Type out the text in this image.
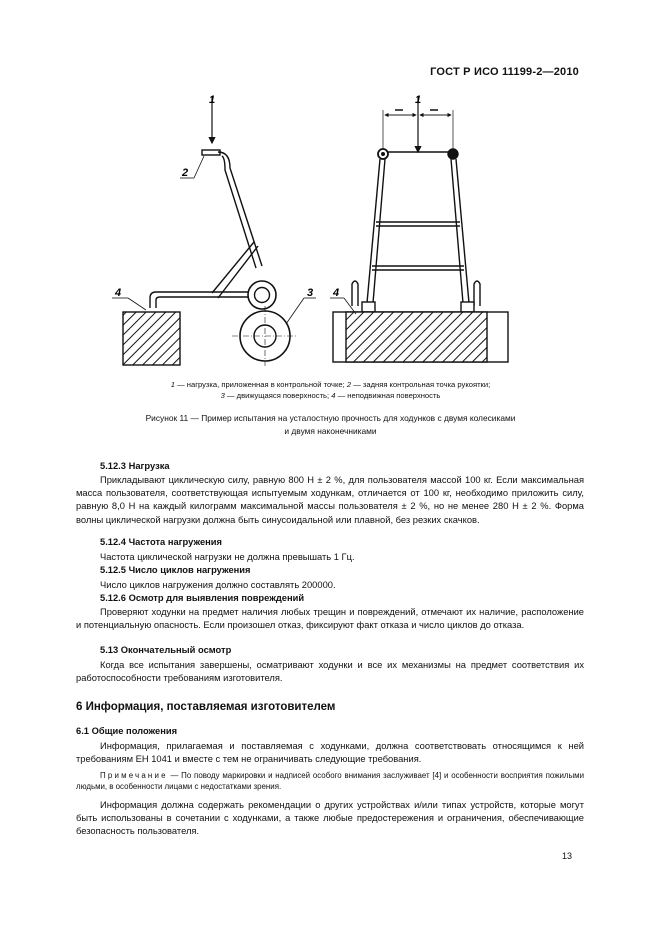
ГОСТ Р ИСО 11199-2—2010
1
2
4	3
1
4
1 — нагрузка, приложенная в контрольной точке; 2 — задняя контрольная точка рукоятки;
3 — движущаяся поверхность; 4 — неподвижная поверхность
Рисунок 11 — Пример испытания на усталостную прочность для ходунков с двумя колесиками
и двумя наконечниками
5.12.3 Нагрузка
Прикладывают циклическую силу, равную 800 Н ± 2 %, для пользователя массой 100 кг. Если максимальная масса пользователя, соответствующая испытуемым ходункам, отличается от 100 кг, необходимо приложить силу, равную 8,0 Н на каждый килограмм максимальной массы пользователя ± 2 %, но не менее 280 Н ± 2 %. Форма волны циклической нагрузки должна быть синусоидальной или плавной, без резких скачков.
5.12.4 Частота нагружения
Частота циклической нагрузки не должна превышать 1 Гц.
5.12.5 Число циклов нагружения
Число циклов нагружения должно составлять 200000.
5.12.6 Осмотр для выявления повреждений
Проверяют ходунки на предмет наличия любых трещин и повреждений, отмечают их наличие, расположение и потенциальную опасность. Если произошел отказ, фиксируют факт отказа и число циклов до отказа.
5.13 Окончательный осмотр
Когда все испытания завершены, осматривают ходунки и все их механизмы на предмет соответствия их работоспособности требованиям изготовителя.
6 Информация, поставляемая изготовителем
6.1 Общие положения
Информация, прилагаемая и поставляемая с ходунками, должна соответствовать относящимся к ней требованиям ЕН 1041 и вместе с тем не ограничивать следующие требования.
Примечание — По поводу маркировки и надписей особого внимания заслуживает [4] и особенности восприятия пожилыми людьми, в особенности лицами с недостатками зрения.
Информация должна содержать рекомендации о других устройствах и/или типах устройств, которые могут быть использованы в сочетании с ходунками, а также любые предостережения и ограничения, обеспечивающие безопасность пользователя.
13
